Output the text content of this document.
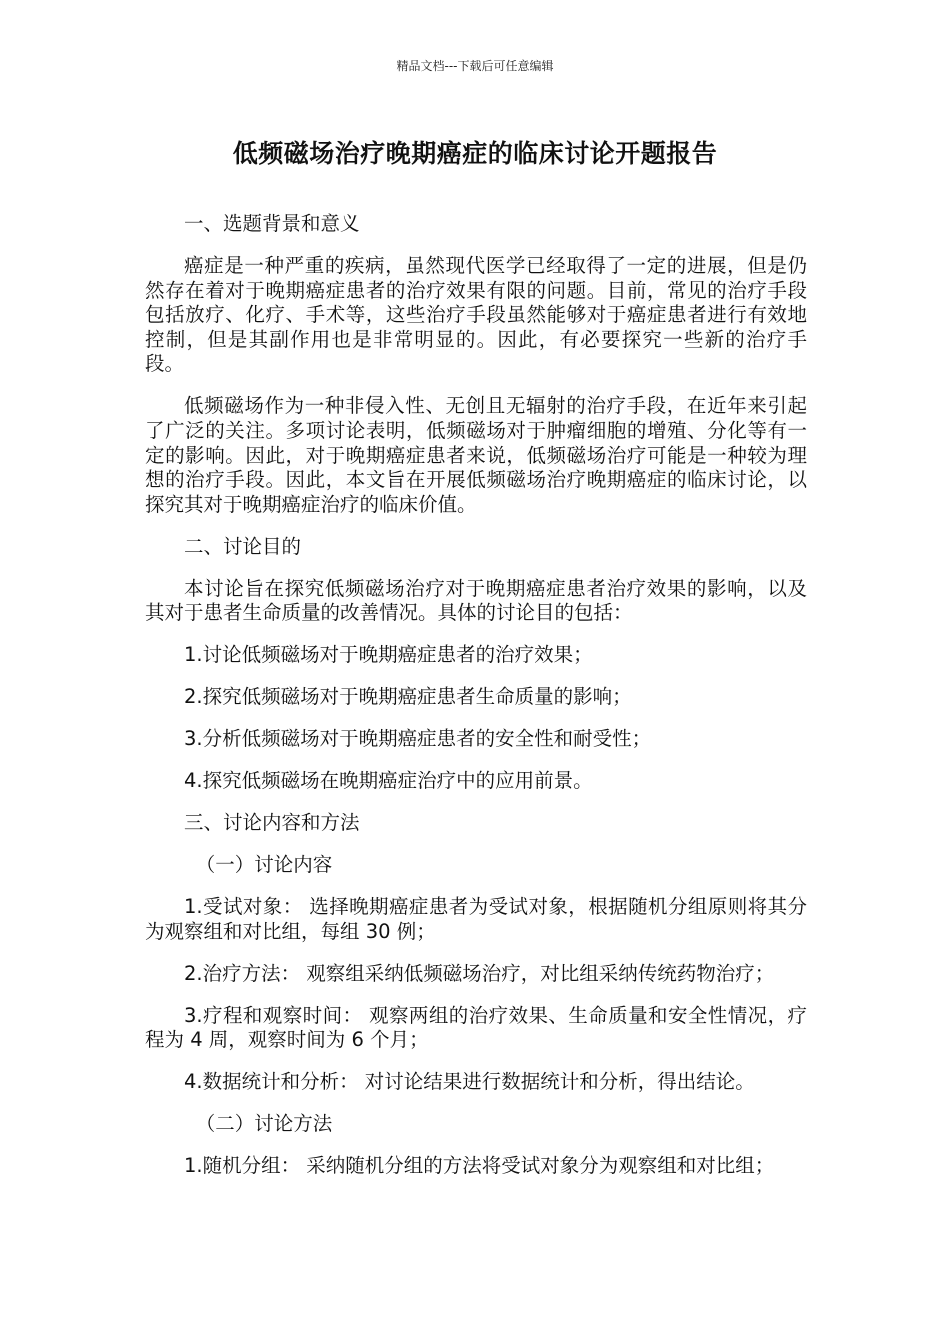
精品文档---下载后可任意编辑
低频磁场治疗晚期癌症的临床讨论开题报告

一、选题背景和意义

癌症是一种严重的疾病，虽然现代医学已经取得了一定的进展，但是仍然存在着对于晚期癌症患者的治疗效果有限的问题。目前，常见的治疗手段包括放疗、化疗、手术等，这些治疗手段虽然能够对于癌症患者进行有效地控制，但是其副作用也是非常明显的。因此，有必要探究一些新的治疗手段。

低频磁场作为一种非侵入性、无创且无辐射的治疗手段，在近年来引起了广泛的关注。多项讨论表明，低频磁场对于肿瘤细胞的增殖、分化等有一定的影响。因此，对于晚期癌症患者来说，低频磁场治疗可能是一种较为理想的治疗手段。因此，本文旨在开展低频磁场治疗晚期癌症的临床讨论，以探究其对于晚期癌症治疗的临床价值。

二、讨论目的

本讨论旨在探究低频磁场治疗对于晚期癌症患者治疗效果的影响，以及其对于患者生命质量的改善情况。具体的讨论目的包括：

1.讨论低频磁场对于晚期癌症患者的治疗效果；

2.探究低频磁场对于晚期癌症患者生命质量的影响；

3.分析低频磁场对于晚期癌症患者的安全性和耐受性；

4.探究低频磁场在晚期癌症治疗中的应用前景。

三、讨论内容和方法

（一）讨论内容

1.受试对象： 选择晚期癌症患者为受试对象，根据随机分组原则将其分为观察组和对比组，每组 30 例；

2.治疗方法： 观察组采纳低频磁场治疗，对比组采纳传统药物治疗；

3.疗程和观察时间： 观察两组的治疗效果、生命质量和安全性情况，疗程为 4 周，观察时间为 6 个月；

4.数据统计和分析： 对讨论结果进行数据统计和分析，得出结论。

（二）讨论方法

1.随机分组： 采纳随机分组的方法将受试对象分为观察组和对比组；
